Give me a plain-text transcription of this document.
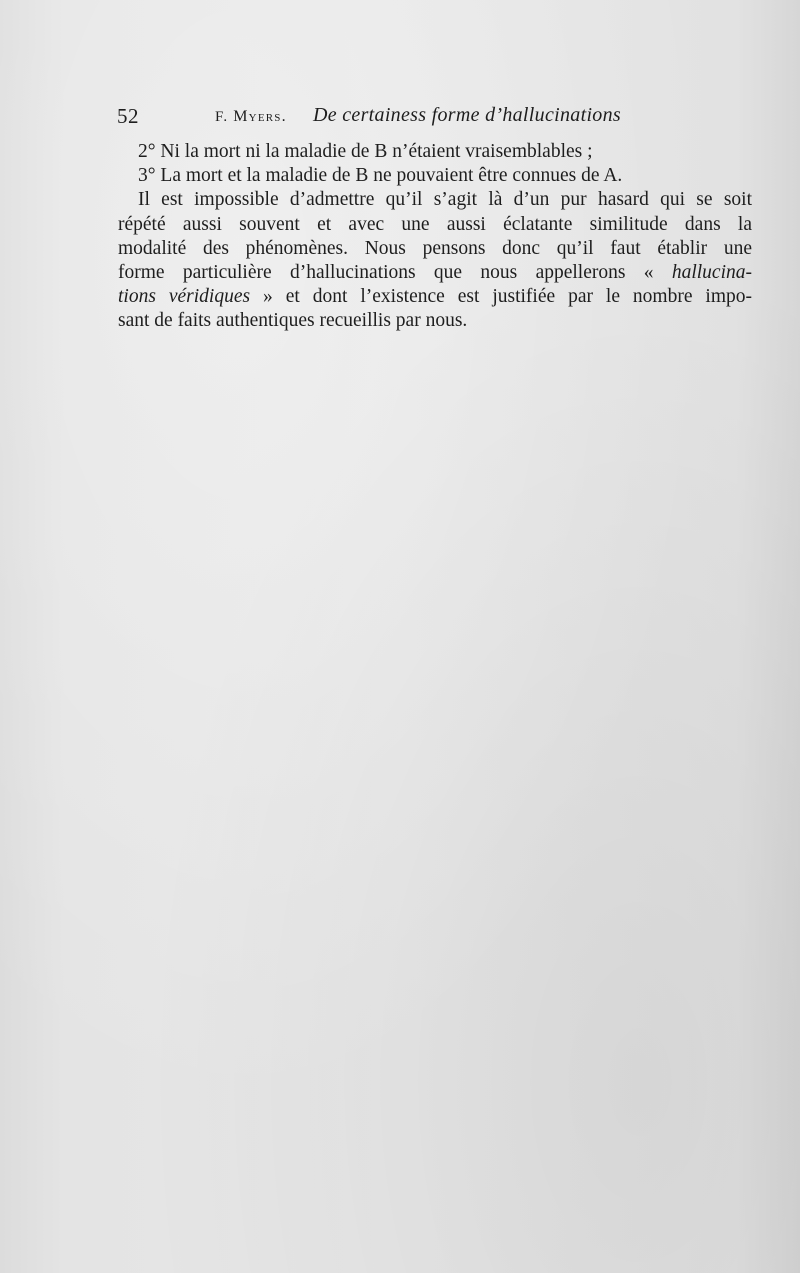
52	F. Myers. De certainess forme d’hallucinations
2° Ni la mort ni la maladie de B n’étaient vraisemblables ;
3° La mort et la maladie de B ne pouvaient être connues de A.
Il est impossible d’admettre qu’il s’agit là d’un pur hasard qui se soit
répété aussi souvent et avec une aussi éclatante similitude dans la
modalité des phénomènes. Nous pensons donc qu’il faut établir une
forme particulière d’hallucinations que nous appellerons « hallucina-
tions véridiques » et dont l’existence est justifiée par le nombre impo-
sant de faits authentiques recueillis par nous.
